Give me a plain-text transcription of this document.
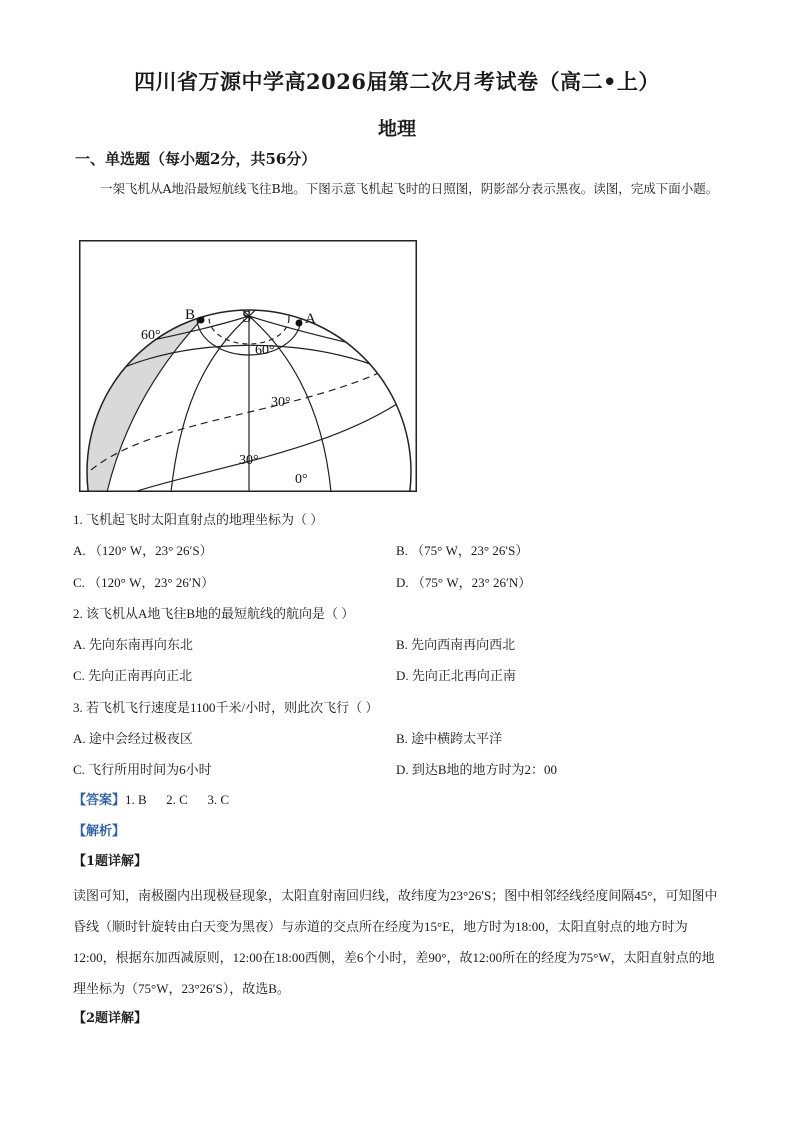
四川省万源中学高2026届第二次月考试卷（高二•上）
地理
一、单选题（每小题2分，共56分）
一架飞机从A地沿最短航线飞往B地。下图示意飞机起飞时的日照图，阴影部分表示黑夜。读图，完成下面小题。
S
B	A
60°
60°
30°
30°
0°
1. 飞机起飞时太阳直射点的地理坐标为（ ）
A. （120° W，23° 26′S）	B. （75° W，23° 26′S）
C. （120° W，23° 26′N）	D. （75° W，23° 26′N）
2. 该飞机从A地飞往B地的最短航线的航向是（ ）
A. 先向东南再向东北	B. 先向西南再向西北
C. 先向正南再向正北	D. 先向正北再向正南
3. 若飞机飞行速度是1100千米/小时，则此次飞行（ ）
A. 途中会经过极夜区	B. 途中横跨太平洋
C. 飞行所用时间为6小时	D. 到达B地的地方时为2：00
【答案】1. B      2. C      3. C
【解析】
【1题详解】
读图可知，南极圈内出现极昼现象，太阳直射南回归线，故纬度为23°26′S；图中相邻经线经度间隔45°，可知图中昏线（顺时针旋转由白天变为黑夜）与赤道的交点所在经度为15°E，地方时为18:00，太阳直射点的地方时为12:00，根据东加西减原则，12:00在18:00西侧，差6个小时，差90°，故12:00所在的经度为75°W，太阳直射点的地理坐标为（75°W，23°26′S），故选B。
【2题详解】
